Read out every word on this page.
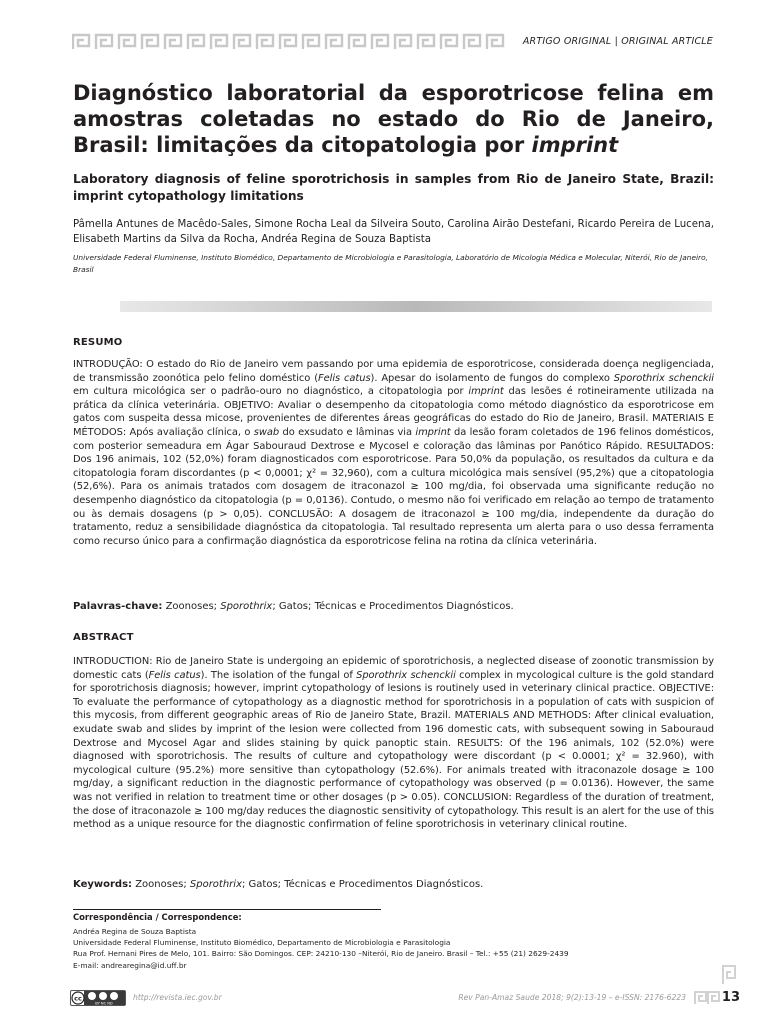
ARTIGO ORIGINAL | ORIGINAL ARTICLE
Diagnóstico laboratorial da esporotricose felina em amostras coletadas no estado do Rio de Janeiro, Brasil: limitações da citopatologia por imprint
Laboratory diagnosis of feline sporotrichosis in samples from Rio de Janeiro State, Brazil: imprint cytopathology limitations
Pâmella Antunes de Macêdo-Sales, Simone Rocha Leal da Silveira Souto, Carolina Airão Destefani, Ricardo Pereira de Lucena, Elisabeth Martins da Silva da Rocha, Andréa Regina de Souza Baptista
Universidade Federal Fluminense, Instituto Biomédico, Departamento de Microbiologia e Parasitologia, Laboratório de Micologia Médica e Molecular, Niterói, Rio de Janeiro, Brasil
RESUMO
INTRODUÇÃO: O estado do Rio de Janeiro vem passando por uma epidemia de esporotricose, considerada doença negligenciada, de transmissão zoonótica pelo felino doméstico (Felis catus). Apesar do isolamento de fungos do complexo Sporothrix schenckii em cultura micológica ser o padrão-ouro no diagnóstico, a citopatologia por imprint das lesões é rotineiramente utilizada na prática da clínica veterinária. OBJETIVO: Avaliar o desempenho da citopatologia como método diagnóstico da esporotricose em gatos com suspeita dessa micose, provenientes de diferentes áreas geográficas do estado do Rio de Janeiro, Brasil. MATERIAIS E MÉTODOS: Após avaliação clínica, o swab do exsudato e lâminas via imprint da lesão foram coletados de 196 felinos domésticos, com posterior semeadura em Ágar Sabouraud Dextrose e Mycosel e coloração das lâminas por Panótico Rápido. RESULTADOS: Dos 196 animais, 102 (52,0%) foram diagnosticados com esporotricose. Para 50,0% da população, os resultados da cultura e da citopatologia foram discordantes (p < 0,0001; χ² = 32,960), com a cultura micológica mais sensível (95,2%) que a citopatologia (52,6%). Para os animais tratados com dosagem de itraconazol ≥ 100 mg/dia, foi observada uma significante redução no desempenho diagnóstico da citopatologia (p = 0,0136). Contudo, o mesmo não foi verificado em relação ao tempo de tratamento ou às demais dosagens (p > 0,05). CONCLUSÃO: A dosagem de itraconazol ≥ 100 mg/dia, independente da duração do tratamento, reduz a sensibilidade diagnóstica da citopatologia. Tal resultado representa um alerta para o uso dessa ferramenta como recurso único para a confirmação diagnóstica da esporotricose felina na rotina da clínica veterinária.
Palavras-chave: Zoonoses; Sporothrix; Gatos; Técnicas e Procedimentos Diagnósticos.
ABSTRACT
INTRODUCTION: Rio de Janeiro State is undergoing an epidemic of sporotrichosis, a neglected disease of zoonotic transmission by domestic cats (Felis catus). The isolation of the fungal of Sporothrix schenckii complex in mycological culture is the gold standard for sporotrichosis diagnosis; however, imprint cytopathology of lesions is routinely used in veterinary clinical practice. OBJECTIVE: To evaluate the performance of cytopathology as a diagnostic method for sporotrichosis in a population of cats with suspicion of this mycosis, from different geographic areas of Rio de Janeiro State, Brazil. MATERIALS AND METHODS: After clinical evaluation, exudate swab and slides by imprint of the lesion were collected from 196 domestic cats, with subsequent sowing in Sabouraud Dextrose and Mycosel Agar and slides staining by quick panoptic stain. RESULTS: Of the 196 animals, 102 (52.0%) were diagnosed with sporotrichosis. The results of culture and cytopathology were discordant (p < 0.0001; χ² = 32.960), with mycological culture (95.2%) more sensitive than cytopathology (52.6%). For animals treated with itraconazole dosage ≥ 100 mg/day, a significant reduction in the diagnostic performance of cytopathology was observed (p = 0.0136). However, the same was not verified in relation to treatment time or other dosages (p > 0.05). CONCLUSION: Regardless of the duration of treatment, the dose of itraconazole ≥ 100 mg/day reduces the diagnostic sensitivity of cytopathology. This result is an alert for the use of this method as a unique resource for the diagnostic confirmation of feline sporotrichosis in veterinary clinical routine.
Keywords: Zoonoses; Sporothrix; Gatos; Técnicas e Procedimentos Diagnósticos.
Correspondência / Correspondence:
Andréa Regina de Souza Baptista
Universidade Federal Fluminense, Instituto Biomédico, Departamento de Microbiologia e Parasitologia
Rua Prof. Hernani Pires de Melo, 101. Bairro: São Domingos. CEP: 24210-130 –Niterói, Rio de Janeiro. Brasil – Tel.: +55 (21) 2629-2439
E-mail: andrearegina@id.uff.br
cc
BY NC ND
http://revista.iec.gov.br	Rev Pan-Amaz Saude 2018; 9(2):13-19 – e-ISSN: 2176-6223	13
